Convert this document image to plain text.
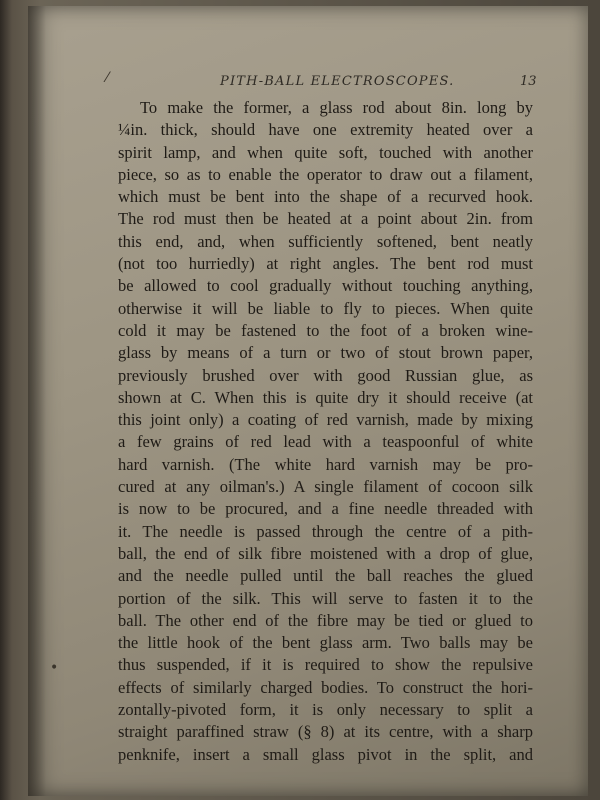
⁄
•
PITH-BALL ELECTROSCOPES.	13
To make the former, a glass rod about 8in. long by
¼in. thick, should have one extremity heated over a
spirit lamp, and when quite soft, touched with another
piece, so as to enable the operator to draw out a filament,
which must be bent into the shape of a recurved hook.
The rod must then be heated at a point about 2in. from
this end, and, when sufficiently softened, bent neatly
(not too hurriedly) at right angles. The bent rod must
be allowed to cool gradually without touching anything,
otherwise it will be liable to fly to pieces. When quite
cold it may be fastened to the foot of a broken wine-
glass by means of a turn or two of stout brown paper,
previously brushed over with good Russian glue, as
shown at C. When this is quite dry it should receive (at
this joint only) a coating of red varnish, made by mixing
a few grains of red lead with a teaspoonful of white
hard varnish. (The white hard varnish may be pro-
cured at any oilman's.) A single filament of cocoon silk
is now to be procured, and a fine needle threaded with
it. The needle is passed through the centre of a pith-
ball, the end of silk fibre moistened with a drop of glue,
and the needle pulled until the ball reaches the glued
portion of the silk. This will serve to fasten it to the
ball. The other end of the fibre may be tied or glued to
the little hook of the bent glass arm. Two balls may be
thus suspended, if it is required to show the repulsive
effects of similarly charged bodies. To construct the hori-
zontally-pivoted form, it is only necessary to split a
straight paraffined straw (§ 8) at its centre, with a sharp
penknife, insert a small glass pivot in the split, and
